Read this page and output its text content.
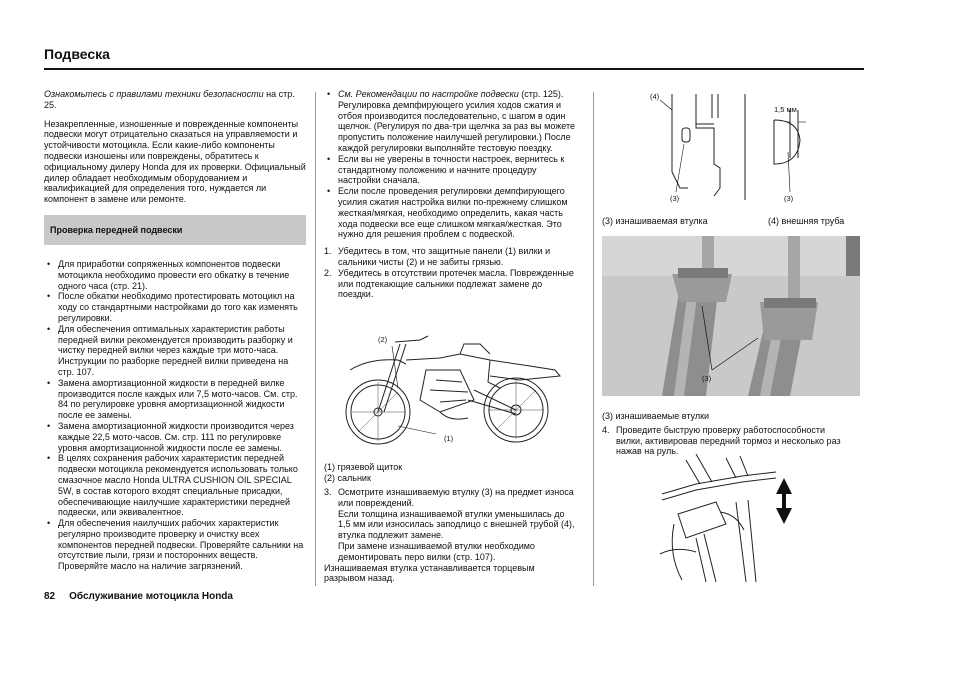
Подвеска

Ознакомьтесь с правилами техники безопасности на стр. 25.

Незакрепленные, изношенные и поврежденные компоненты подвески могут отрицательно сказаться на управляемости и устойчивости мотоцикла. Если какие-либо компоненты подвески изношены или повреждены, обратитесь к официальному дилеру Honda для их проверки. Официальный дилер обладает необходимым оборудованием и квалификацией для определения того, нуждается ли компонент в замене или ремонте.

Проверка передней подвески
• Для приработки сопряженных компонентов подвески мотоцикла необходимо провести его обкатку в течение одного часа (стр. 21).
• После обкатки необходимо протестировать мотоцикл на ходу со стандартными настройками до того как изменять регулировки.
• Для обеспечения оптимальных характеристик работы передней вилки рекомендуется производить разборку и чистку передней вилки через каждые три мото-часа. Инструкции по разборке передней вилки приведена на стр. 107.
• Замена амортизационной жидкости в передней вилке производится после каждых или 7,5 мото-часов. См. стр. 84 по регулировке уровня амортизационной жидкости после ее замены.
• Замена амортизационной жидкости производится через каждые 22,5 мото-часов. См. стр. 111 по регулировке уровня амортизационной жидкости после ее замены.
• В целях сохранения рабочих характеристик передней подвески мотоцикла рекомендуется использовать только смазочное масло Honda ULTRA CUSHION OIL SPECIAL 5W, в состав которого входят специальные присадки, обеспечивающие наилучшие характеристики передней подвески, или эквивалентное.
• Для обеспечения наилучших рабочих характеристик регулярно производите проверку и очистку всех компонентов передней подвески. Проверяйте сальники на отсутствие пыли, грязи и посторонних веществ. Проверяйте масло на наличие загрязнений.
• См. Рекомендации по настройке подвески (стр. 125). Регулировка демпфирующего усилия ходов сжатия и отбоя производится последовательно, с шагом в один щелчок. (Регулируя по два-три щелчка за раз вы можете пропустить положение наилучшей регулировки.) После каждой регулировки выполняйте тестовую поездку.
• Если вы не уверены в точности настроек, вернитесь к стандартному положению и начните процедуру настройки сначала.
• Если после проведения регулировки демпфирующего усилия сжатия настройка вилки по-прежнему слишком жесткая/мягкая, необходимо определить, какая часть хода подвески все еще слишком мягкая/жесткая. Это нужно для решения проблем с подвеской.
1. Убедитесь в том, что защитные панели (1) вилки и сальники чисты (2) и не забиты грязью.
2. Убедитесь в отсутствии протечек масла. Поврежденные или подтекающие сальники подлежат замене до поездки.
(2)
(1)
(1) грязевой щиток
(2) сальник
3. Осмотрите изнашиваемую втулку (3) на предмет износа или повреждений.
Если толщина изнашиваемой втулки уменьшилась до 1,5 мм или износилась заподлицо с внешней трубой (4), втулка подлежит замене.
При замене изнашиваемой втулки необходимо демонтировать перо вилки (стр. 107).
Изнашиваемая втулка устанавливается торцевым разрывом назад.
(4)
(3)
1,5 мм
(3)
(3) изнашиваемая втулка	(4) внешняя труба
(3)
(3) изнашиваемые втулки
4. Проведите быструю проверку работоспособности вилки, активировав передний тормоз и несколько раз нажав на руль.
82 Обслуживание мотоцикла Honda
